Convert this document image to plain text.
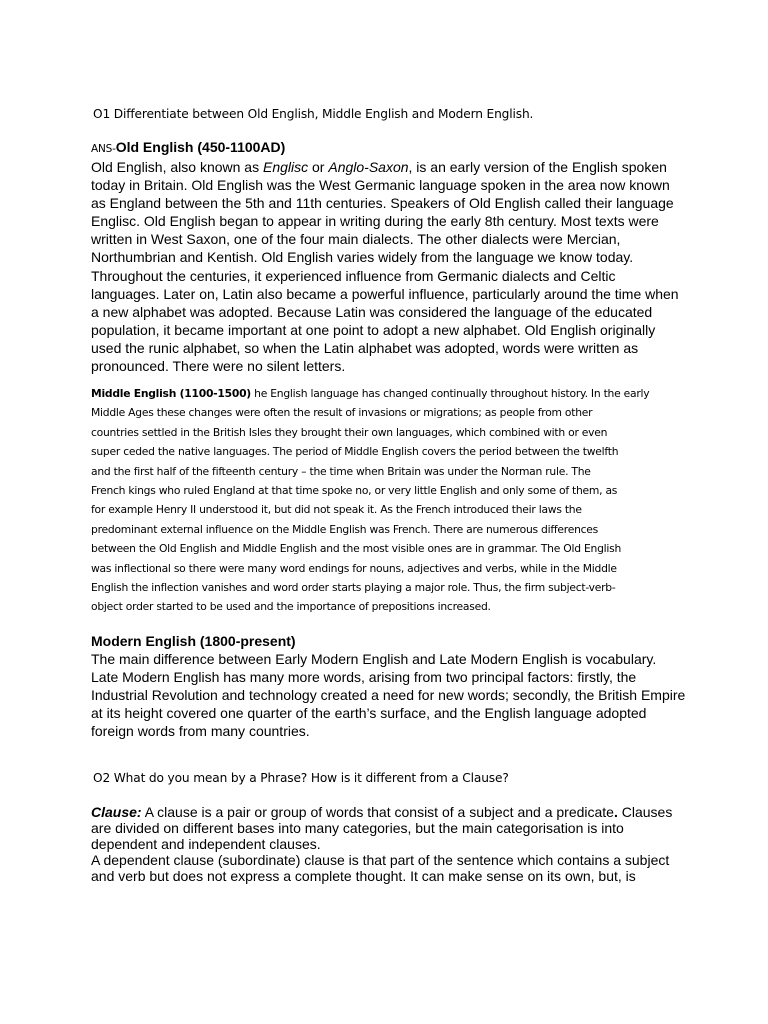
O1 Differentiate between Old English, Middle English and Modern English.
ANS-Old English (450-1100AD)
Old English, also known as Englisc or Anglo-Saxon, is an early version of the English spoken
today in Britain. Old English was the West Germanic language spoken in the area now known
as England between the 5th and 11th centuries. Speakers of Old English called their language
Englisc. Old English began to appear in writing during the early 8th century. Most texts were
written in West Saxon, one of the four main dialects. The other dialects were Mercian,
Northumbrian and Kentish. Old English varies widely from the language we know today.
Throughout the centuries, it experienced influence from Germanic dialects and Celtic
languages. Later on, Latin also became a powerful influence, particularly around the time when
a new alphabet was adopted. Because Latin was considered the language of the educated
population, it became important at one point to adopt a new alphabet. Old English originally
used the runic alphabet, so when the Latin alphabet was adopted, words were written as
pronounced. There were no silent letters.
Middle English (1100-1500) he English language has changed continually throughout history. In the early
Middle Ages these changes were often the result of invasions or migrations; as people from other
countries settled in the British Isles they brought their own languages, which combined with or even
super ceded the native languages. The period of Middle English covers the period between the twelfth
and the first half of the fifteenth century – the time when Britain was under the Norman rule. The
French kings who ruled England at that time spoke no, or very little English and only some of them, as
for example Henry II understood it, but did not speak it. As the French introduced their laws the
predominant external influence on the Middle English was French. There are numerous differences
between the Old English and Middle English and the most visible ones are in grammar. The Old English
was inflectional so there were many word endings for nouns, adjectives and verbs, while in the Middle
English the inflection vanishes and word order starts playing a major role. Thus, the firm subject-verb-
object order started to be used and the importance of prepositions increased.
Modern English (1800-present)
The main difference between Early Modern English and Late Modern English is vocabulary.
Late Modern English has many more words, arising from two principal factors: firstly, the
Industrial Revolution and technology created a need for new words; secondly, the British Empire
at its height covered one quarter of the earth’s surface, and the English language adopted
foreign words from many countries.
O2 What do you mean by a Phrase? How is it different from a Clause?
Clause: A clause is a pair or group of words that consist of a subject and a predicate. Clauses
are divided on different bases into many categories, but the main categorisation is into
dependent and independent clauses.
A dependent clause (subordinate) clause is that part of the sentence which contains a subject
and verb but does not express a complete thought. It can make sense on its own, but, is
